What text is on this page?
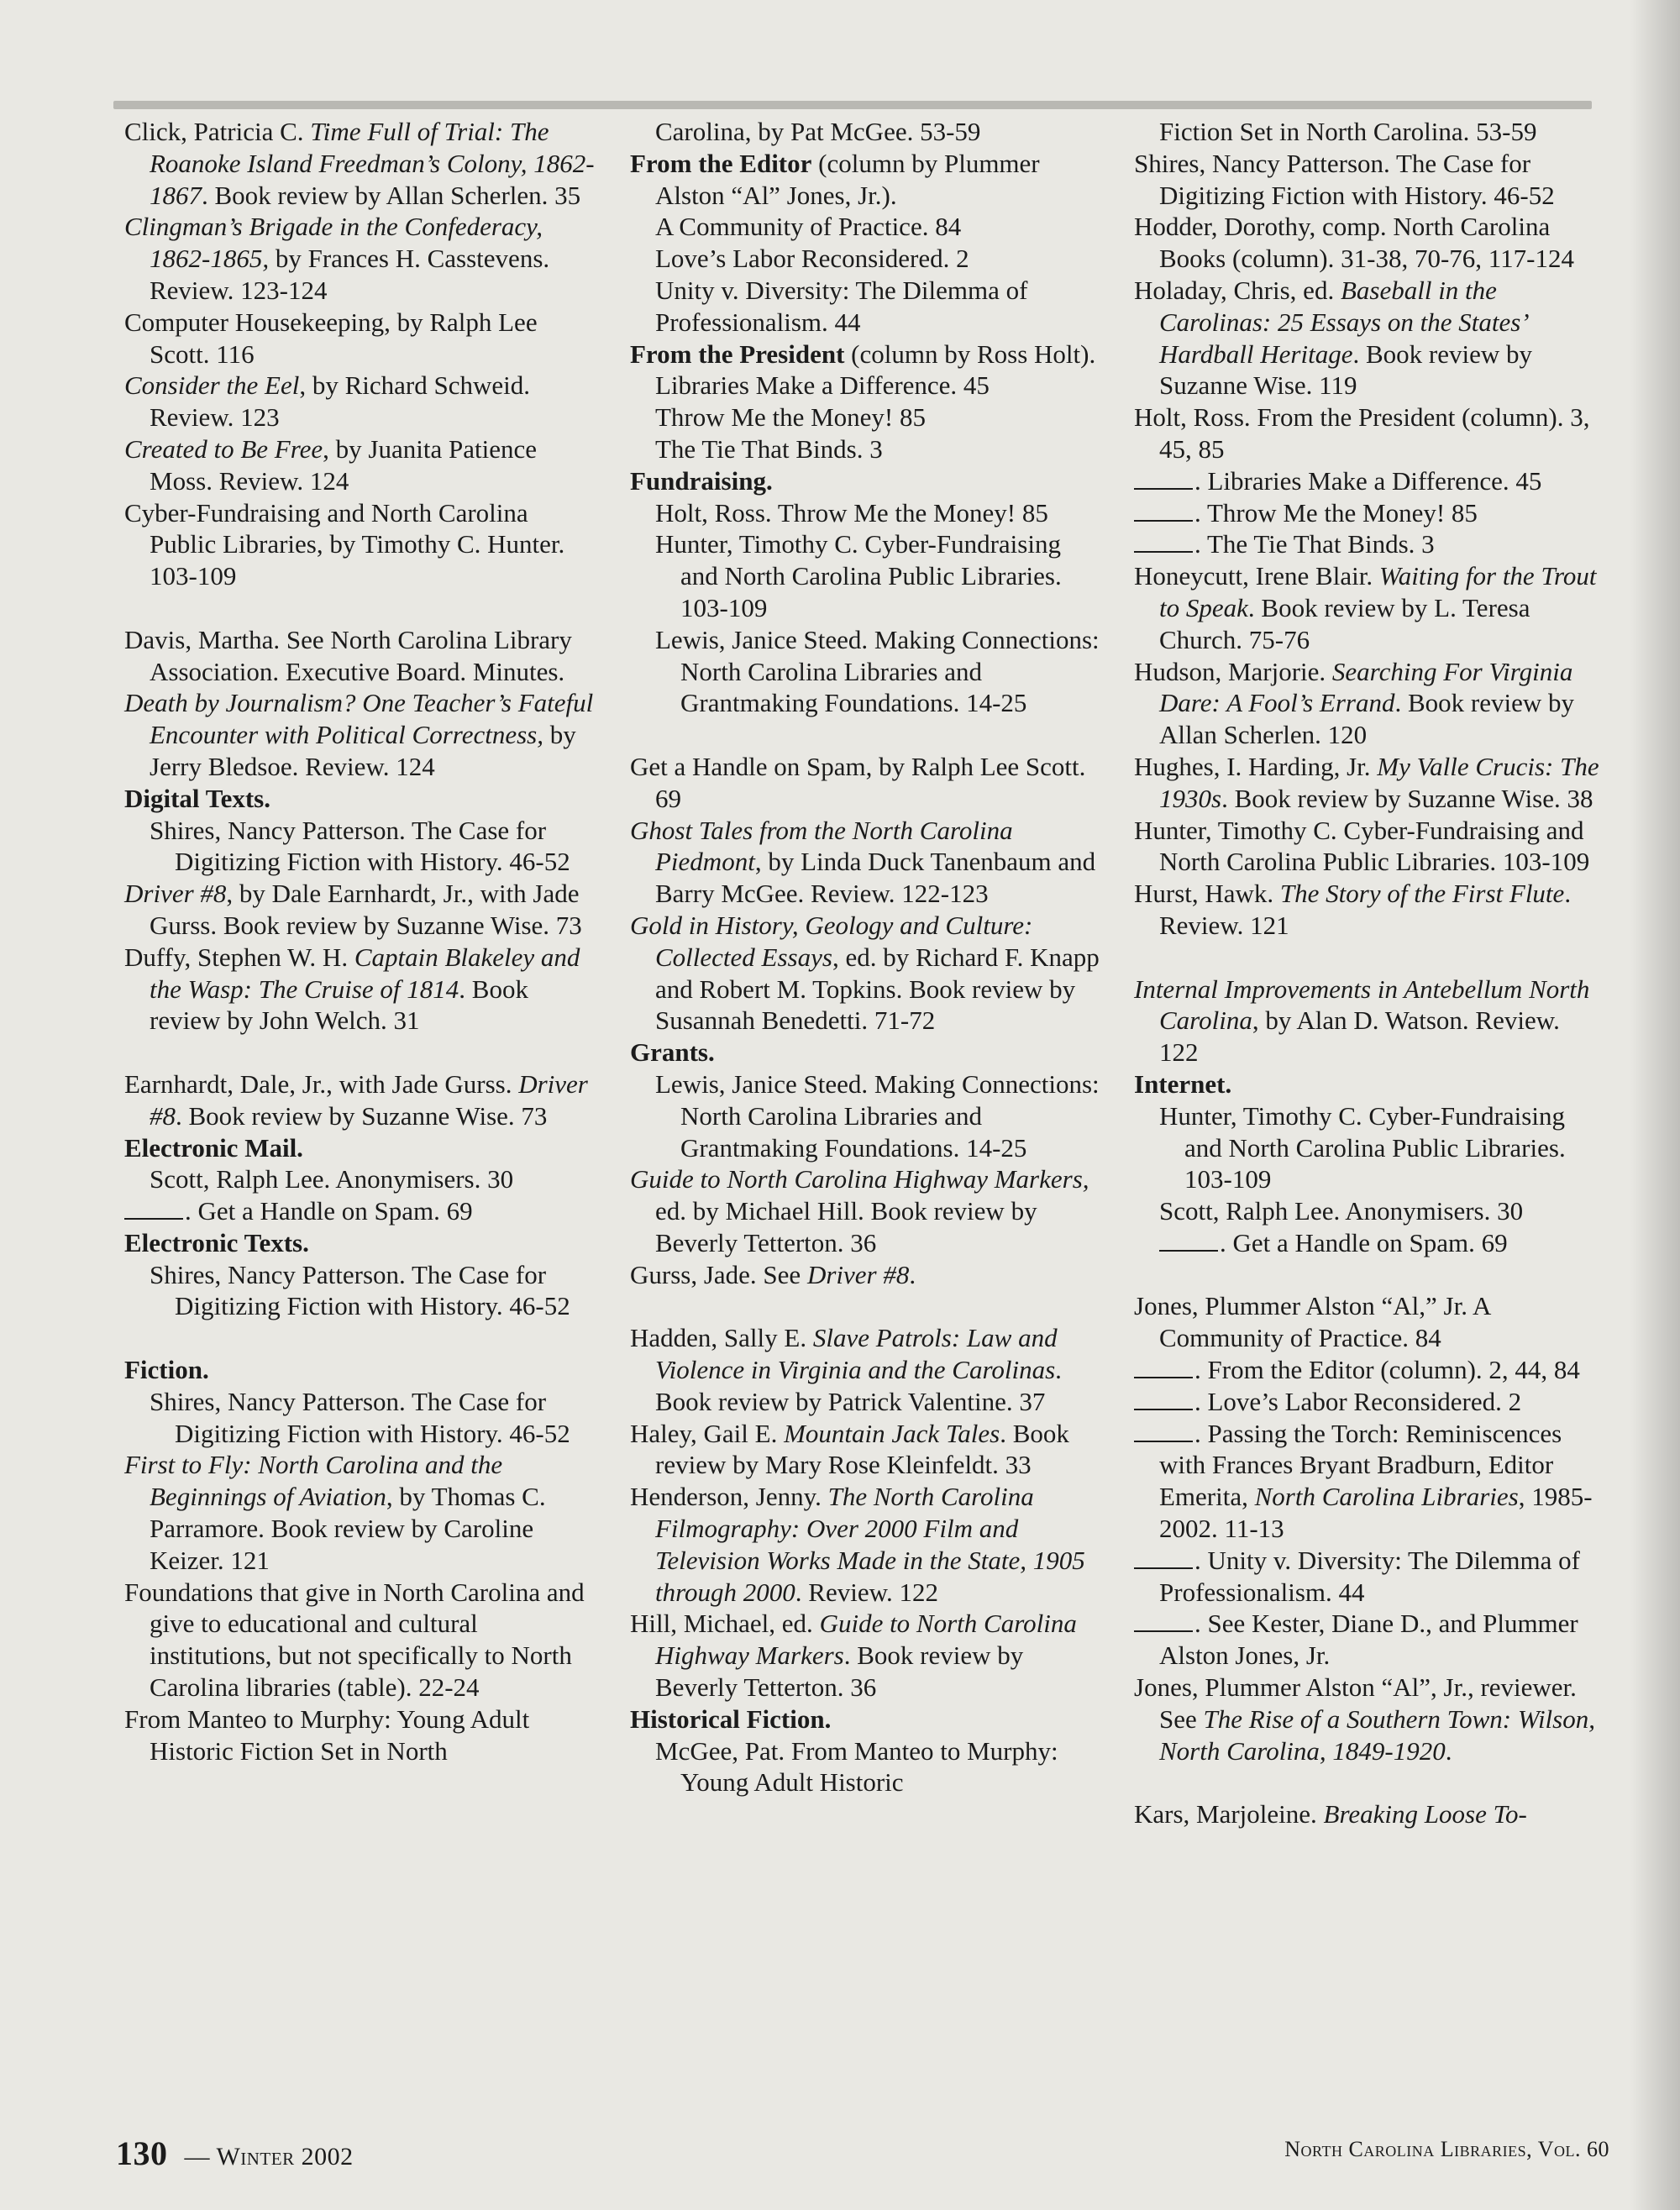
Click, Patricia C. Time Full of Trial: The Roanoke Island Freedman’s Colony, 1862-1867. Book review by Allan Scherlen. 35

Clingman’s Brigade in the Confederacy, 1862-1865, by Frances H. Casstevens. Review. 123-124

Computer Housekeeping, by Ralph Lee Scott. 116

Consider the Eel, by Richard Schweid. Review. 123

Created to Be Free, by Juanita Patience Moss. Review. 124

Cyber-Fundraising and North Carolina Public Libraries, by Timothy C. Hunter. 103-109

Davis, Martha. See North Carolina Library Association. Executive Board. Minutes.

Death by Journalism? One Teacher’s Fateful Encounter with Political Correctness, by Jerry Bledsoe. Review. 124

Digital Texts.

Shires, Nancy Patterson. The Case for Digitizing Fiction with History. 46-52

Driver #8, by Dale Earnhardt, Jr., with Jade Gurss. Book review by Suzanne Wise. 73

Duffy, Stephen W. H. Captain Blakeley and the Wasp: The Cruise of 1814. Book review by John Welch. 31

Earnhardt, Dale, Jr., with Jade Gurss. Driver #8. Book review by Suzanne Wise. 73

Electronic Mail.

Scott, Ralph Lee. Anonymisers. 30

. Get a Handle on Spam. 69

Electronic Texts.

Shires, Nancy Patterson. The Case for Digitizing Fiction with History. 46-52

Fiction.

Shires, Nancy Patterson. The Case for Digitizing Fiction with History. 46-52

First to Fly: North Carolina and the Beginnings of Aviation, by Thomas C. Parramore. Book review by Caroline Keizer. 121

Foundations that give in North Carolina and give to educational and cultural institutions, but not specifically to North Carolina libraries (table). 22-24

From Manteo to Murphy: Young Adult Historic Fiction Set in North

Carolina, by Pat McGee. 53-59

From the Editor (column by Plummer Alston “Al” Jones, Jr.).

A Community of Practice. 84

Love’s Labor Reconsidered. 2

Unity v. Diversity: The Dilemma of Professionalism. 44

From the President (column by Ross Holt).

Libraries Make a Difference. 45

Throw Me the Money! 85

The Tie That Binds. 3

Fundraising.

Holt, Ross. Throw Me the Money! 85

Hunter, Timothy C. Cyber-Fundraising and North Carolina Public Libraries. 103-109

Lewis, Janice Steed. Making Connections: North Carolina Libraries and Grantmaking Foundations. 14-25

Get a Handle on Spam, by Ralph Lee Scott. 69

Ghost Tales from the North Carolina Piedmont, by Linda Duck Tanenbaum and Barry McGee. Review. 122-123

Gold in History, Geology and Culture: Collected Essays, ed. by Richard F. Knapp and Robert M. Topkins. Book review by Susannah Benedetti. 71-72

Grants.

Lewis, Janice Steed. Making Connections: North Carolina Libraries and Grantmaking Foundations. 14-25

Guide to North Carolina Highway Markers, ed. by Michael Hill. Book review by Beverly Tetterton. 36

Gurss, Jade. See Driver #8.

Hadden, Sally E. Slave Patrols: Law and Violence in Virginia and the Carolinas. Book review by Patrick Valentine. 37

Haley, Gail E. Mountain Jack Tales. Book review by Mary Rose Kleinfeldt. 33

Henderson, Jenny. The North Carolina Filmography: Over 2000 Film and Television Works Made in the State, 1905 through 2000. Review. 122

Hill, Michael, ed. Guide to North Carolina Highway Markers. Book review by Beverly Tetterton. 36

Historical Fiction.

McGee, Pat. From Manteo to Murphy: Young Adult Historic

Fiction Set in North Carolina. 53-59

Shires, Nancy Patterson. The Case for Digitizing Fiction with History. 46-52

Hodder, Dorothy, comp. North Carolina Books (column). 31-38, 70-76, 117-124

Holaday, Chris, ed. Baseball in the Carolinas: 25 Essays on the States’ Hardball Heritage. Book review by Suzanne Wise. 119

Holt, Ross. From the President (column). 3, 45, 85

. Libraries Make a Difference. 45

. Throw Me the Money! 85

. The Tie That Binds. 3

Honeycutt, Irene Blair. Waiting for the Trout to Speak. Book review by L. Teresa Church. 75-76

Hudson, Marjorie. Searching For Virginia Dare: A Fool’s Errand. Book review by Allan Scherlen. 120

Hughes, I. Harding, Jr. My Valle Crucis: The 1930s. Book review by Suzanne Wise. 38

Hunter, Timothy C. Cyber-Fundraising and North Carolina Public Libraries. 103-109

Hurst, Hawk. The Story of the First Flute. Review. 121

Internal Improvements in Antebellum North Carolina, by Alan D. Watson. Review. 122

Internet.

Hunter, Timothy C. Cyber-Fundraising and North Carolina Public Libraries. 103-109

Scott, Ralph Lee. Anonymisers. 30

. Get a Handle on Spam. 69

Jones, Plummer Alston “Al,” Jr. A Community of Practice. 84

. From the Editor (column). 2, 44, 84

. Love’s Labor Reconsidered. 2

. Passing the Torch: Reminiscences with Frances Bryant Bradburn, Editor Emerita, North Carolina Libraries, 1985-2002. 11-13

. Unity v. Diversity: The Dilemma of Professionalism. 44

. See Kester, Diane D., and Plummer Alston Jones, Jr.

Jones, Plummer Alston “Al”, Jr., reviewer. See The Rise of a Southern Town: Wilson, North Carolina, 1849-1920.

Kars, Marjoleine. Breaking Loose To-

130 — Winter 2002	North Carolina Libraries, Vol. 60
